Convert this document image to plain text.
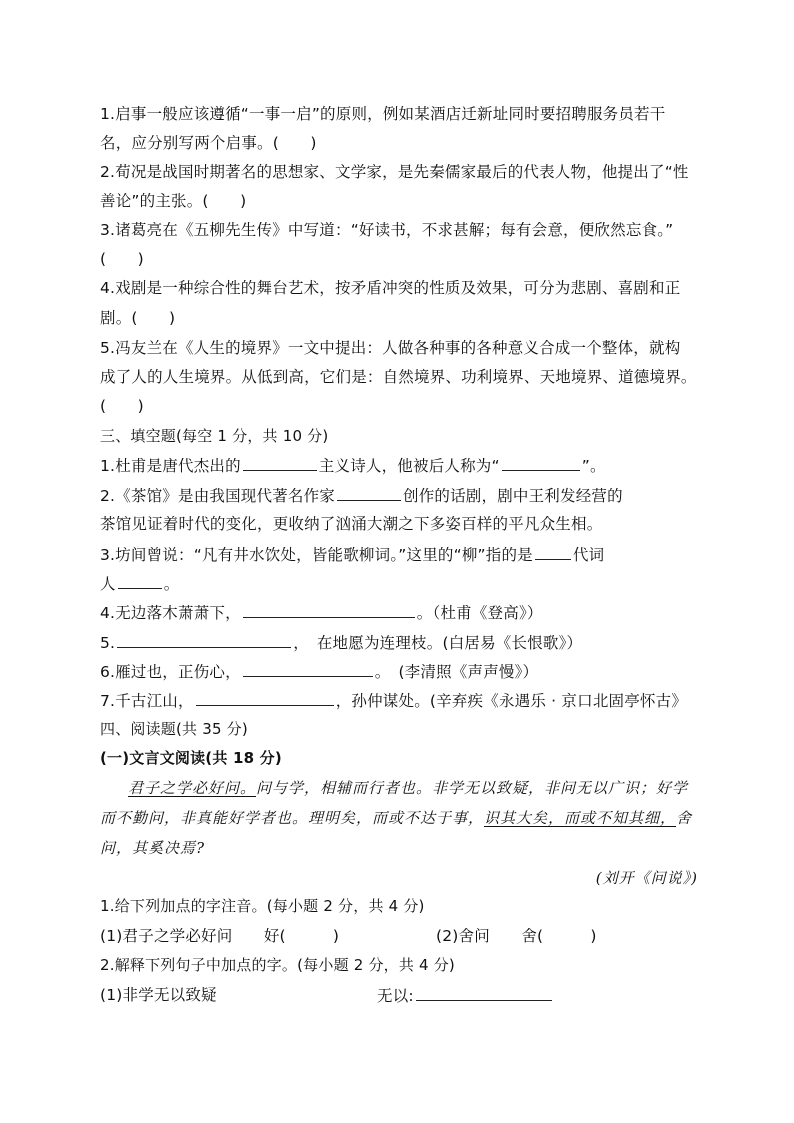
1.启事一般应该遵循“一事一启”的原则，例如某酒店迁新址同时要招聘服务员若干
名，应分别写两个启事。(　　)
2.荀况是战国时期著名的思想家、文学家，是先秦儒家最后的代表人物，他提出了“性
善论”的主张。(　　)
3.诸葛亮在《五柳先生传》中写道：“好读书，不求甚解；每有会意，便欣然忘食。”
(　　)
4.戏剧是一种综合性的舞台艺术，按矛盾冲突的性质及效果，可分为悲剧、喜剧和正
剧。(　　)
5.冯友兰在《人生的境界》一文中提出：人做各种事的各种意义合成一个整体，就构
成了人的人生境界。从低到高，它们是：自然境界、功利境界、天地境界、道德境界。
(　　)
三、填空题(每空 1 分，共 10 分)
1.杜甫是唐代杰出的	主义诗人，他被后人称为“	”。
2.《茶馆》是由我国现代著名作家	创作的话剧，剧中王利发经营的
茶馆见证着时代的变化，更收纳了汹涌大潮之下多姿百样的平凡众生相。
3.坊间曾说：“凡有井水饮处，皆能歌柳词。”这里的“柳”指的是	代词
人	。
4.无边落木萧萧下，	。（杜甫《登高》）
5.	，　在地愿为连理枝。(白居易《长恨歌》）
6.雁过也，正伤心，	。　(李清照《声声慢》）
7.千古江山，	，孙仲谋处。(辛弃疾《永遇乐 · 京口北固亭怀古》
四、阅读题(共 35 分)
(一)文言文阅读(共 18 分)
君子之学必好问。问与学，相辅而行者也。非学无以致疑，非问无以广识；好学
而不勤问，非真能好学者也。理明矣，而或不达于事，识其大矣，而或不知其细，舍
问，其奚决焉?
(刘开《问说》)
1.给下列加点的字注音。(每小题 2 分，共 4 分)
(1)君子之学必好问　　好(　　　)	(2)舍问　　舍(　　　)
2.解释下列句子中加点的字。(每小题 2 分，共 4 分)
(1)非学无以致疑	无以:
